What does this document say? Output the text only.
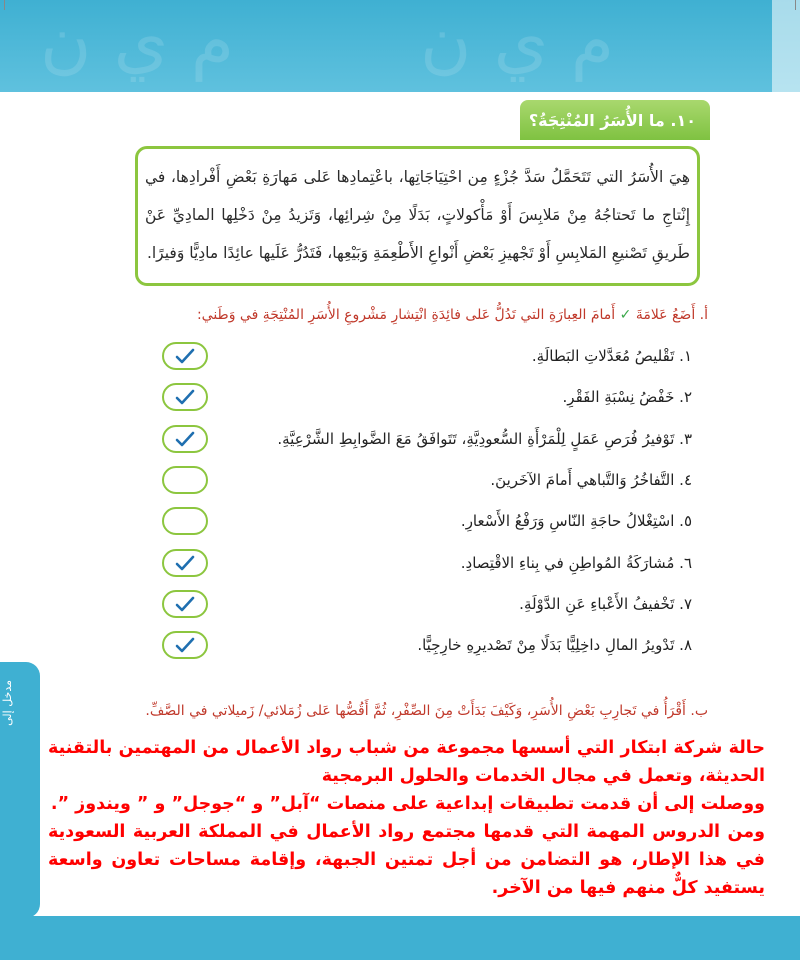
م ي ن	م ي ن
١٠. ما الأُسَرُ المُنْتِجَةُ؟
هِيَ الأُسَرُ التي تَتَحَمَّلُ سَدَّ جُزْءٍ مِن احْتِيَاجَاتِها، باعْتِمادِها عَلى مَهارَةِ بَعْضِ أَفْرادِها، في إِنْتاجِ ما تَحتاجُهُ مِنْ مَلابِسَ أَوْ مَأْكولاتٍ، بَدَلًا مِنْ شِرائِها، وَتَزيدُ مِنْ دَخْلِها المادِيِّ عَنْ طَريقِ تَصْنيعِ المَلابِسِ أَوْ تَجْهيزِ بَعْضِ أَنْواعِ الأَطْعِمَةِ وَبَيْعِها، فَتَدُرُّ عَلَيها عائِدًا مادِيًّا وَفيرًا.
أ. أَضَعُ عَلامَةَ ✓ أَمامَ العِبارَةِ التي تَدُلُّ عَلى فائِدَةِ انْتِشارِ مَشْروعِ الأُسَرِ المُنْتِجَةِ في وَطَني:
١. تَقْليصُ مُعَدَّلاتِ البَطالَةِ.
٢. خَفْضُ نِسْبَةِ الفَقْرِ.
٣. تَوْفيرُ فُرَصِ عَمَلٍ لِلْمَرْأَةِ السُّعودِيَّةِ، تَتَوافَقُ مَعَ الضَّوابِطِ الشَّرْعِيَّةِ.
٤. التَّفاخُرُ وَالتَّباهي أَمامَ الآخَرينَ.
٥. اسْتِغْلالُ حاجَةِ النّاسِ وَرَفْعُ الأَسْعارِ.
٦. مُشارَكَةُ المُواطِنِ في بِناءِ الاقْتِصادِ.
٧. تَخْفيفُ الأَعْباءِ عَنِ الدَّوْلَةِ.
٨. تَدْويرُ المالِ داخِلِيًّا بَدَلًا مِنْ تَصْديرِهِ خارِجِيًّا.
مدخل إلى	ب. أَقْرَأُ في تَجارِبِ بَعْضِ الأُسَرِ، وَكَيْفَ بَدَأَتْ مِنَ الصِّفْرِ، ثُمَّ أَقُصُّها عَلى زُمَلائي/ زَميلاتي في الصَّفِّ.

حالة شركة ابتكار التي أسسها مجموعة من شباب رواد الأعمال من المهتمين بالتقنية الحديثة، وتعمل في مجال الخدمات والحلول البرمجية

ووصلت إلى أن قدمت تطبيقات إبداعية على منصات “آبل” و “جوجل” و ” ويندوز ”.

ومن الدروس المهمة التي قدمها مجتمع رواد الأعمال في المملكة العربية السعودية في هذا الإطار، هو التضامن من أجل تمتين الجبهة، وإقامة مساحات تعاون واسعة يستفيد كلٌّ منهم فيها من الآخر.
